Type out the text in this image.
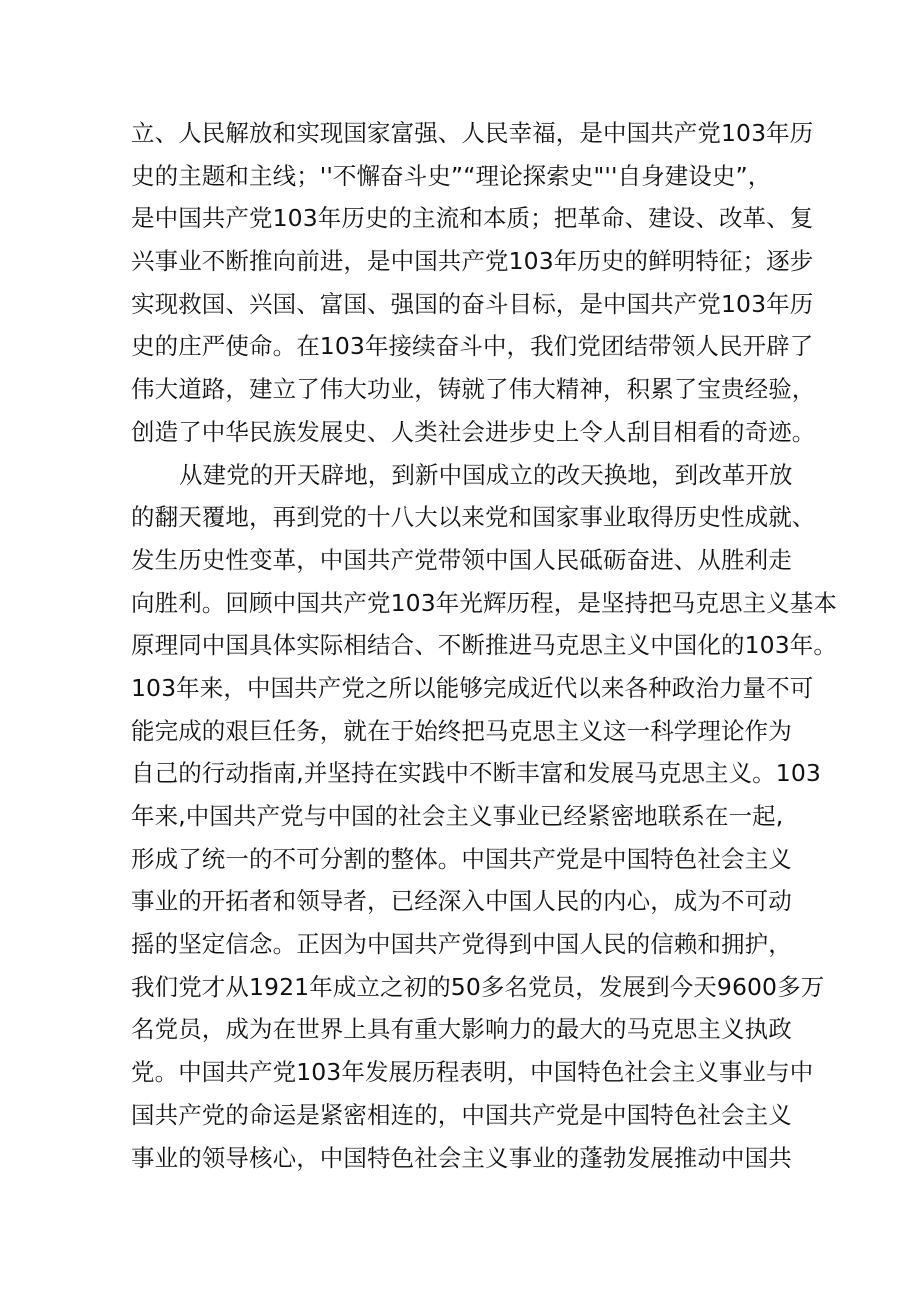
立、人民解放和实现国家富强、人民幸福，是中国共产党103年历
史的主题和主线；''不懈奋斗史”“理论探索史"''自身建设史”，
是中国共产党103年历史的主流和本质；把革命、建设、改革、复
兴事业不断推向前进，是中国共产党103年历史的鲜明特征；逐步
实现救国、兴国、富国、强国的奋斗目标，是中国共产党103年历
史的庄严使命。在103年接续奋斗中，我们党团结带领人民开辟了
伟大道路，建立了伟大功业，铸就了伟大精神，积累了宝贵经验，
创造了中华民族发展史、人类社会进步史上令人刮目相看的奇迹。
从建党的开天辟地，到新中国成立的改天换地，到改革开放
的翻天覆地，再到党的十八大以来党和国家事业取得历史性成就、
发生历史性变革，中国共产党带领中国人民砥砺奋进、从胜利走
向胜利。回顾中国共产党103年光辉历程，是坚持把马克思主义基本
原理同中国具体实际相结合、不断推进马克思主义中国化的103年。
103年来，中国共产党之所以能够完成近代以来各种政治力量不可
能完成的艰巨任务，就在于始终把马克思主义这一科学理论作为
自己的行动指南,并坚持在实践中不断丰富和发展马克思主义。103
年来,中国共产党与中国的社会主义事业已经紧密地联系在一起,
形成了统一的不可分割的整体。中国共产党是中国特色社会主义
事业的开拓者和领导者，已经深入中国人民的内心，成为不可动
摇的坚定信念。正因为中国共产党得到中国人民的信赖和拥护，
我们党才从1921年成立之初的50多名党员，发展到今天9600多万
名党员，成为在世界上具有重大影响力的最大的马克思主义执政
党。中国共产党103年发展历程表明，中国特色社会主义事业与中
国共产党的命运是紧密相连的，中国共产党是中国特色社会主义
事业的领导核心，中国特色社会主义事业的蓬勃发展推动中国共
